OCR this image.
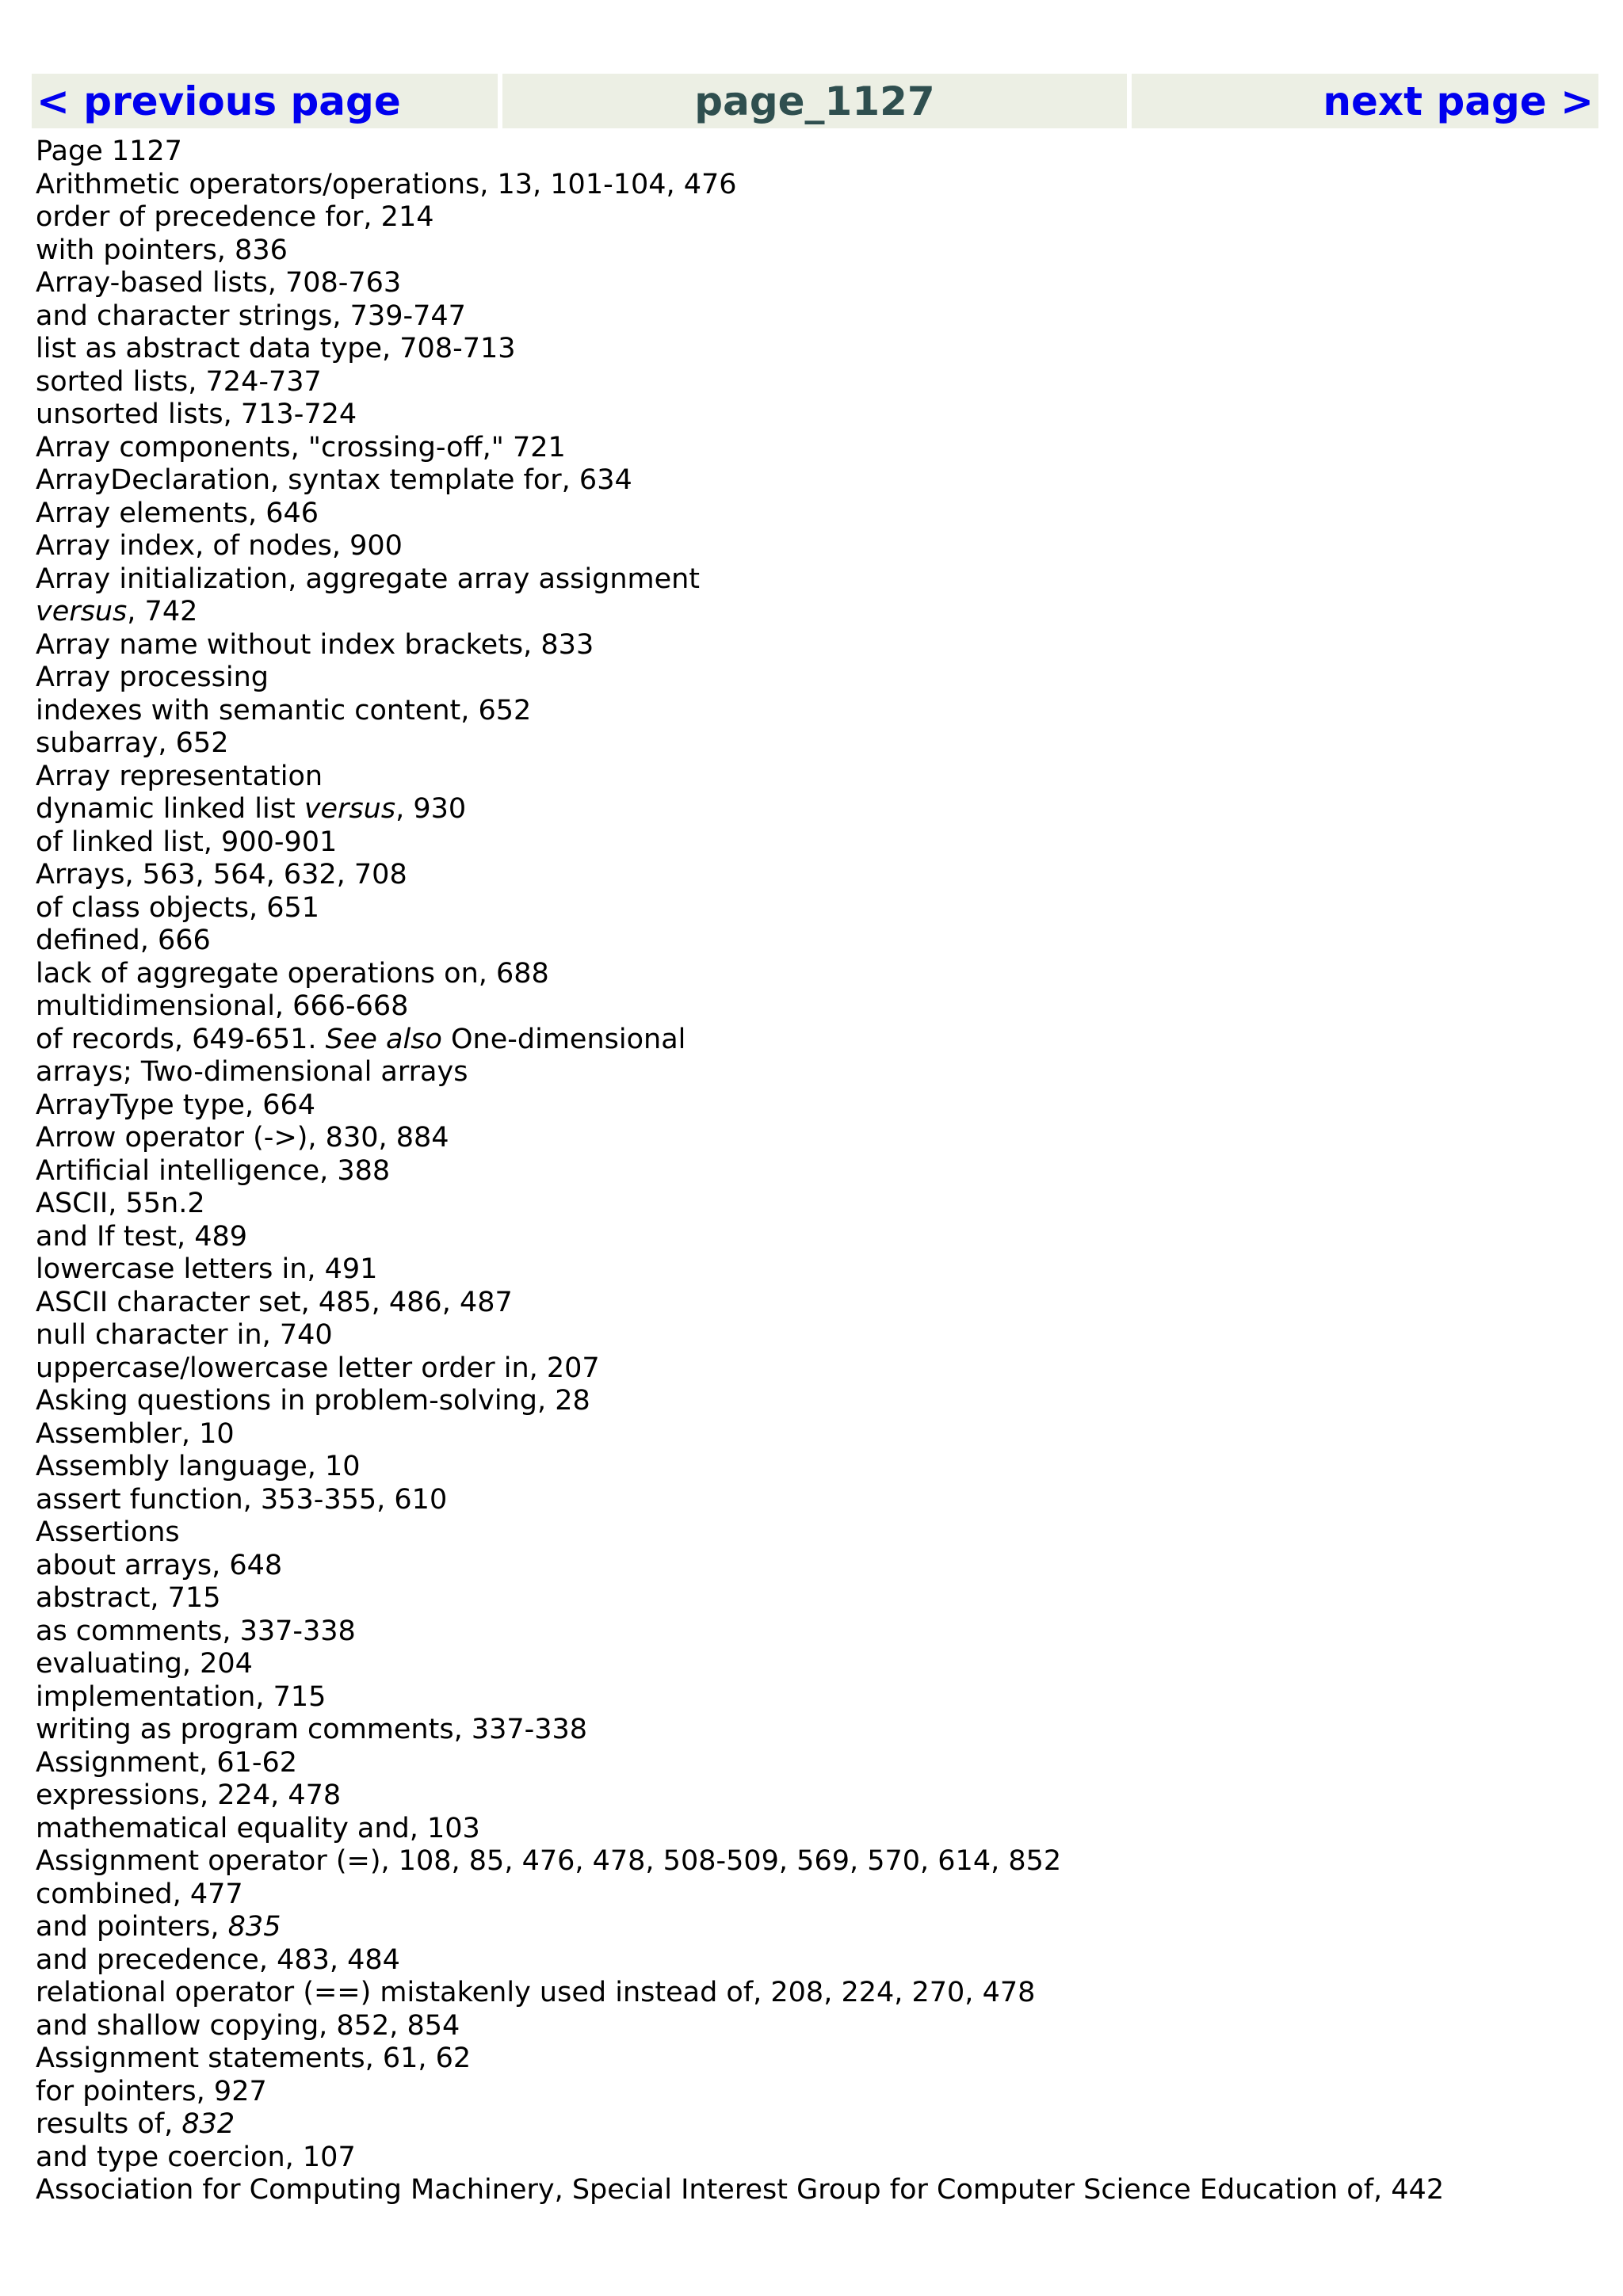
< previous page	page_1127	next page >
Page 1127
Arithmetic operators/operations, 13, 101-104, 476
order of precedence for, 214
with pointers, 836
Array-based lists, 708-763
and character strings, 739-747
list as abstract data type, 708-713
sorted lists, 724-737
unsorted lists, 713-724
Array components, "crossing-off," 721
ArrayDeclaration, syntax template for, 634
Array elements, 646
Array index, of nodes, 900
Array initialization, aggregate array assignment
versus, 742
Array name without index brackets, 833
Array processing
indexes with semantic content, 652
subarray, 652
Array representation
dynamic linked list versus, 930
of linked list, 900-901
Arrays, 563, 564, 632, 708
of class objects, 651
defined, 666
lack of aggregate operations on, 688
multidimensional, 666-668
of records, 649-651. See also One-dimensional
arrays; Two-dimensional arrays
ArrayType type, 664
Arrow operator (->), 830, 884
Artificial intelligence, 388
ASCII, 55n.2
and If test, 489
lowercase letters in, 491
ASCII character set, 485, 486, 487
null character in, 740
uppercase/lowercase letter order in, 207
Asking questions in problem-solving, 28
Assembler, 10
Assembly language, 10
assert function, 353-355, 610
Assertions
about arrays, 648
abstract, 715
as comments, 337-338
evaluating, 204
implementation, 715
writing as program comments, 337-338
Assignment, 61-62
expressions, 224, 478
mathematical equality and, 103
Assignment operator (=), 108, 85, 476, 478, 508-509, 569, 570, 614, 852
combined, 477
and pointers, 835
and precedence, 483, 484
relational operator (==) mistakenly used instead of, 208, 224, 270, 478
and shallow copying, 852, 854
Assignment statements, 61, 62
for pointers, 927
results of, 832
and type coercion, 107
Association for Computing Machinery, Special Interest Group for Computer Science Education of, 442
